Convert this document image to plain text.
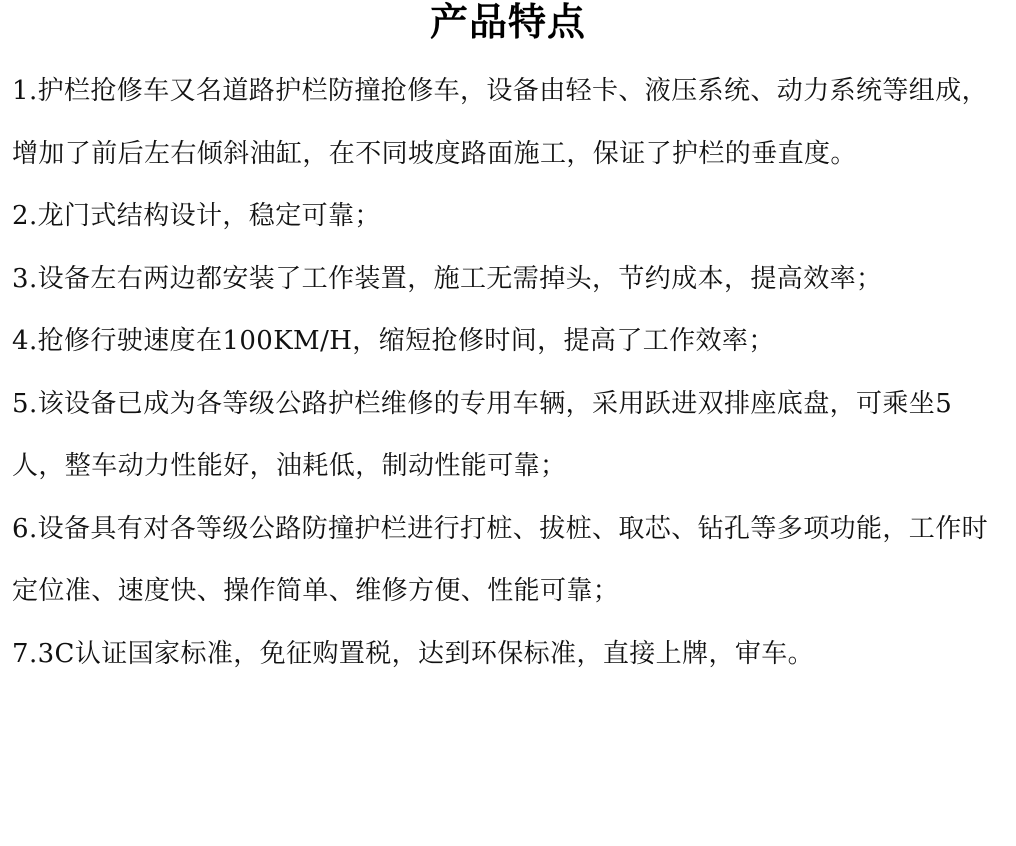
产品特点

1.护栏抢修车又名道路护栏防撞抢修车，设备由轻卡、液压系统、动力系统等组成，增加了前后左右倾斜油缸，在不同坡度路面施工，保证了护栏的垂直度。

2.龙门式结构设计，稳定可靠；

3.设备左右两边都安装了工作装置，施工无需掉头，节约成本，提高效率；

4.抢修行驶速度在100KM/H，缩短抢修时间，提高了工作效率；

5.该设备已成为各等级公路护栏维修的专用车辆，采用跃进双排座底盘，可乘坐5人，整车动力性能好，油耗低，制动性能可靠；

6.设备具有对各等级公路防撞护栏进行打桩、拔桩、取芯、钻孔等多项功能，工作时定位准、速度快、操作简单、维修方便、性能可靠；

7.3C认证国家标准，免征购置税，达到环保标准，直接上牌，审车。
